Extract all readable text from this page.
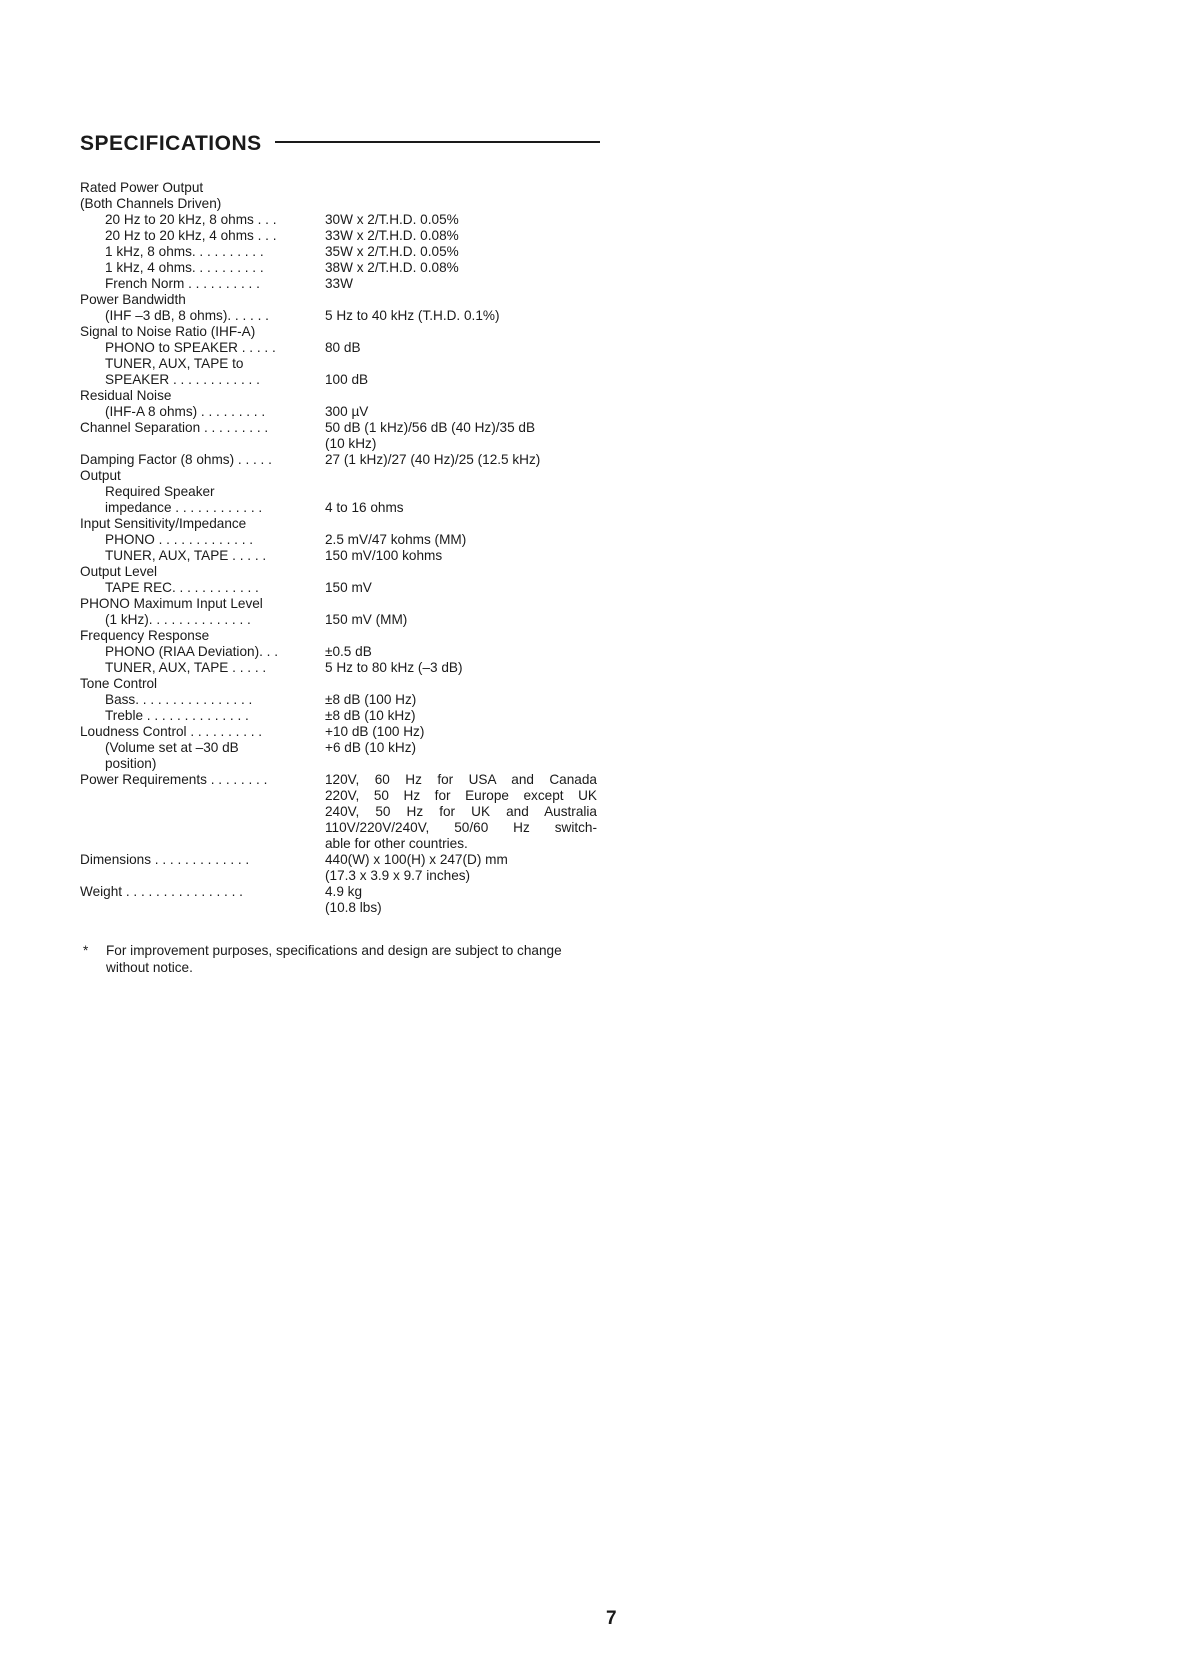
SPECIFICATIONS
Rated Power Output
(Both Channels Driven)
20 Hz to 20 kHz, 8 ohms . . .	30W x 2/T.H.D. 0.05%
20 Hz to 20 kHz, 4 ohms . . .	33W x 2/T.H.D. 0.08%
1 kHz, 8 ohms. . . . . . . . . .	35W x 2/T.H.D. 0.05%
1 kHz, 4 ohms. . . . . . . . . .	38W x 2/T.H.D. 0.08%
French Norm . . . . . . . . . .	33W
Power Bandwidth
(IHF –3 dB, 8 ohms). . . . . .	5 Hz to 40 kHz (T.H.D. 0.1%)
Signal to Noise Ratio (IHF-A)
PHONO to SPEAKER . . . . .	80 dB
TUNER, AUX, TAPE to
SPEAKER . . . . . . . . . . . .	100 dB
Residual Noise
(IHF-A 8 ohms) . . . . . . . . .	300 µV
Channel Separation . . . . . . . . .	50 dB (1 kHz)/56 dB (40 Hz)/35 dB
(10 kHz)
Damping Factor (8 ohms) . . . . .	27 (1 kHz)/27 (40 Hz)/25 (12.5 kHz)
Output
Required Speaker
impedance . . . . . . . . . . . .	4 to 16 ohms
Input Sensitivity/Impedance
PHONO . . . . . . . . . . . . .	2.5 mV/47 kohms (MM)
TUNER, AUX, TAPE . . . . .	150 mV/100 kohms
Output Level
TAPE REC. . . . . . . . . . . .	150 mV
PHONO Maximum Input Level
(1 kHz). . . . . . . . . . . . . .	150 mV (MM)
Frequency Response
PHONO (RIAA Deviation). . .	±0.5 dB
TUNER, AUX, TAPE . . . . .	5 Hz to 80 kHz (–3 dB)
Tone Control
Bass. . . . . . . . . . . . . . . .	±8 dB (100 Hz)
Treble . . . . . . . . . . . . . .	±8 dB (10 kHz)
Loudness Control . . . . . . . . . .	+10 dB (100 Hz)
(Volume set at –30 dB	+6 dB (10 kHz)
position)
Power Requirements . . . . . . . .	120V, 60 Hz for USA and Canada
220V, 50 Hz for Europe except UK
240V, 50 Hz for UK and Australia
110V/220V/240V, 50/60 Hz switch-
able for other countries.
Dimensions . . . . . . . . . . . . .	440(W) x 100(H) x 247(D) mm
(17.3 x 3.9 x 9.7 inches)
Weight . . . . . . . . . . . . . . . .	4.9 kg
(10.8 lbs)
* For improvement purposes, specifications and design are subject to change without notice.
7
